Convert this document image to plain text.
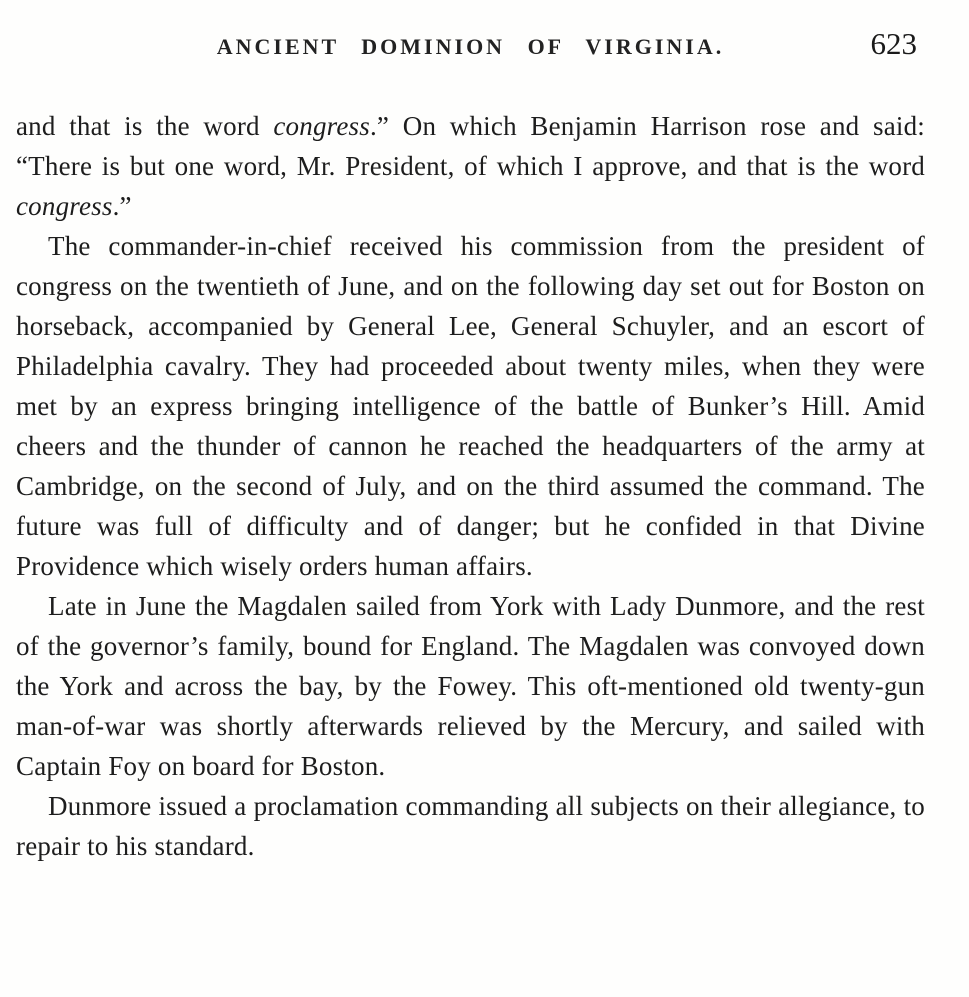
ANCIENT DOMINION OF VIRGINIA.	623

and that is the word congress.” On which Benjamin Harrison rose and said: “There is but one word, Mr. President, of which I approve, and that is the word congress.”

The commander-in-chief received his commission from the president of congress on the twentieth of June, and on the following day set out for Boston on horseback, accompanied by General Lee, General Schuyler, and an escort of Philadelphia cavalry. They had proceeded about twenty miles, when they were met by an express bringing intelligence of the battle of Bunker’s Hill. Amid cheers and the thunder of cannon he reached the headquarters of the army at Cambridge, on the second of July, and on the third assumed the command. The future was full of difficulty and of danger; but he confided in that Divine Providence which wisely orders human affairs.

Late in June the Magdalen sailed from York with Lady Dunmore, and the rest of the governor’s family, bound for England. The Magdalen was convoyed down the York and across the bay, by the Fowey. This oft-mentioned old twenty-gun man-of-war was shortly afterwards relieved by the Mercury, and sailed with Captain Foy on board for Boston.

Dunmore issued a proclamation commanding all subjects on their allegiance, to repair to his standard.
